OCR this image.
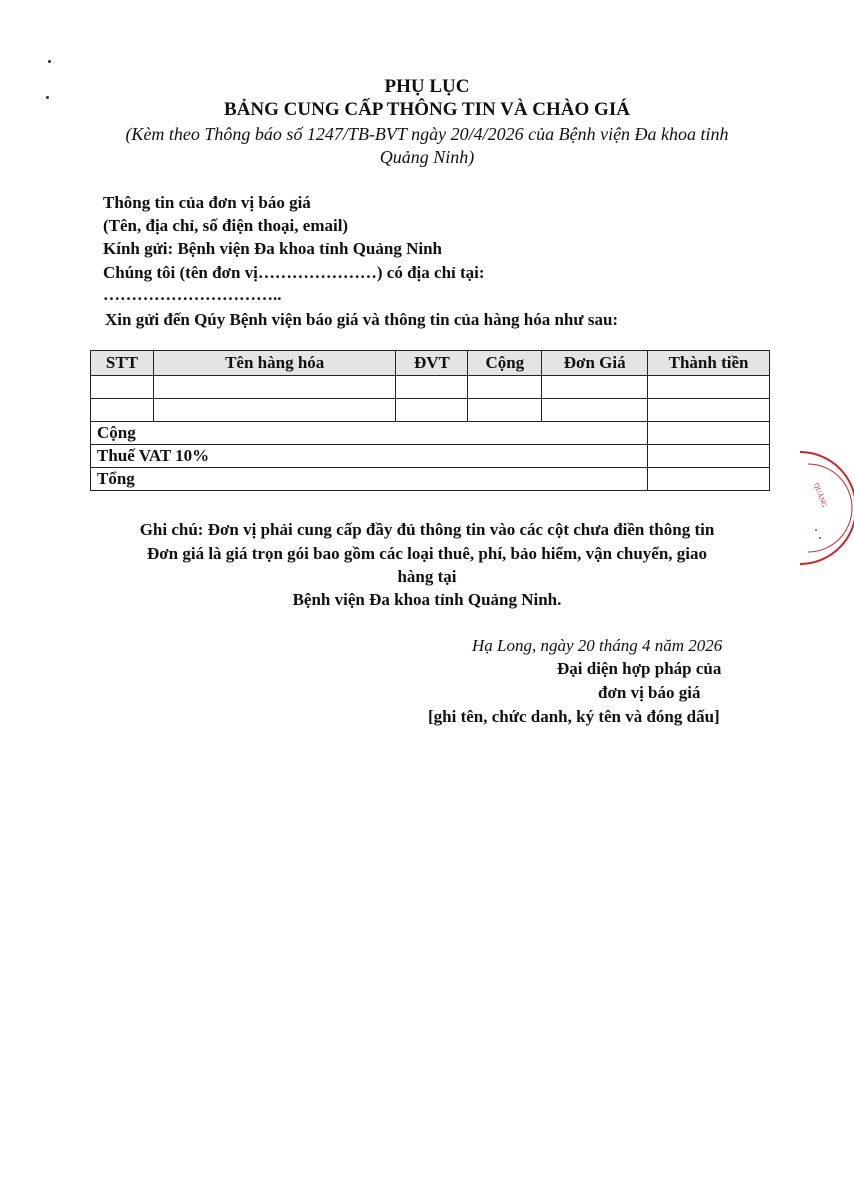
PHỤ LỤC
BẢNG CUNG CẤP THÔNG TIN VÀ CHÀO GIÁ
(Kèm theo Thông báo số 1247/TB-BVT ngày 20/4/2026 của Bệnh viện Đa khoa tỉnh
Quảng Ninh)
Thông tin của đơn vị báo giá
(Tên, địa chỉ, số điện thoại, email)
Kính gửi: Bệnh viện Đa khoa tỉnh Quảng Ninh
Chúng tôi (tên đơn vị…………………) có địa chỉ tại:
…………………………..
Xin gửi đến Qúy Bệnh viện báo giá và thông tin của hàng hóa như sau:
STT	Tên hàng hóa	ĐVT	Cộng	Đơn Giá	Thành tiền

Cộng					
Thuế VAT 10%					
Tổng					
Ghi chú: Đơn vị phải cung cấp đầy đủ thông tin vào các cột chưa điền thông tin
Đơn giá là giá trọn gói bao gồm các loại thuê, phí, bảo hiểm, vận chuyển, giao
hàng tại
Bệnh viện Đa khoa tỉnh Quảng Ninh.
Hạ Long, ngày 20 tháng 4 năm 2026
Đại diện hợp pháp của
đơn vị báo giá
[ghi tên, chức danh, ký tên và đóng dấu]
QUẢNG
